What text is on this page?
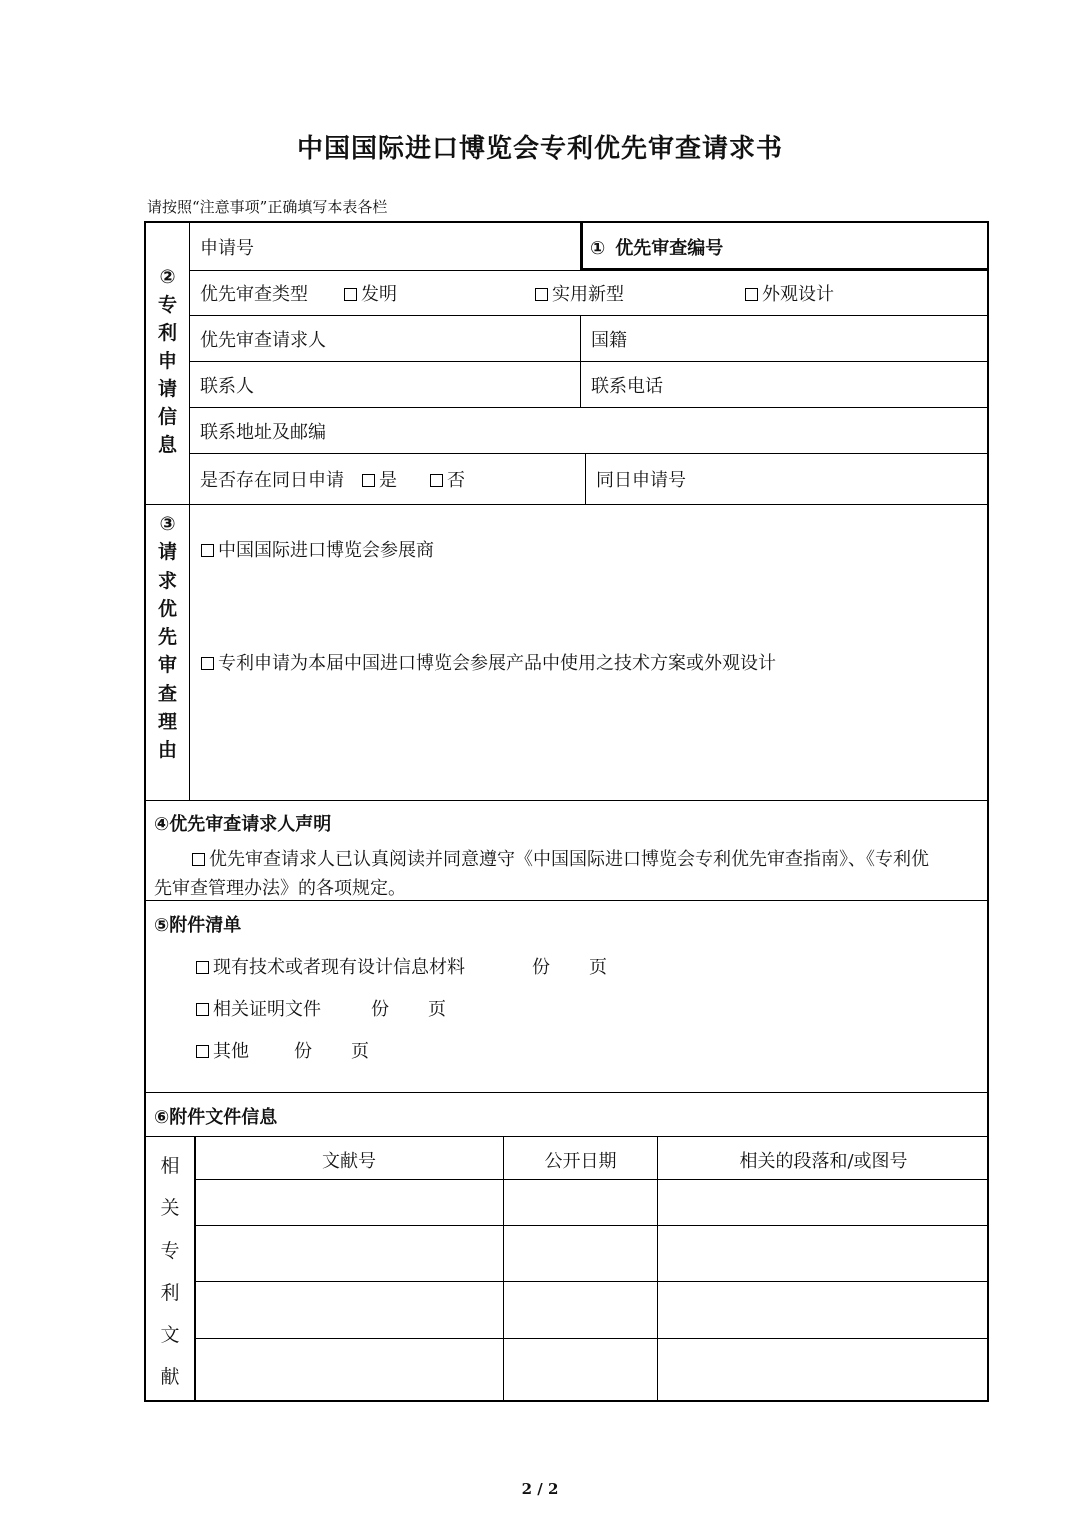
中国国际进口博览会专利优先审查请求书
请按照“注意事项”正确填写本表各栏
②
专
利
申
请
信
息
申请号	① 优先审查编号
优先审查类型	发明	实用新型	外观设计
优先审查请求人	国籍
联系人	联系电话
联系地址及邮编
是否存在同日申请	是	否	同日申请号
③
请
求
优
先
审
查
理
由
中国国际进口博览会参展商
专利申请为本届中国进口博览会参展产品中使用之技术方案或外观设计
④优先审查请求人声明
优先审查请求人已认真阅读并同意遵守《中国国际进口博览会专利优先审查指南》、《专利优
先审查管理办法》的各项规定。
⑤附件清单
现有技术或者现有设计信息材料	份 页
相关证明文件	份 页
其他	份 页
⑥附件文件信息
相
关
专
利
文
献
文献号	公开日期	相关的段落和/或图号
2 / 2
